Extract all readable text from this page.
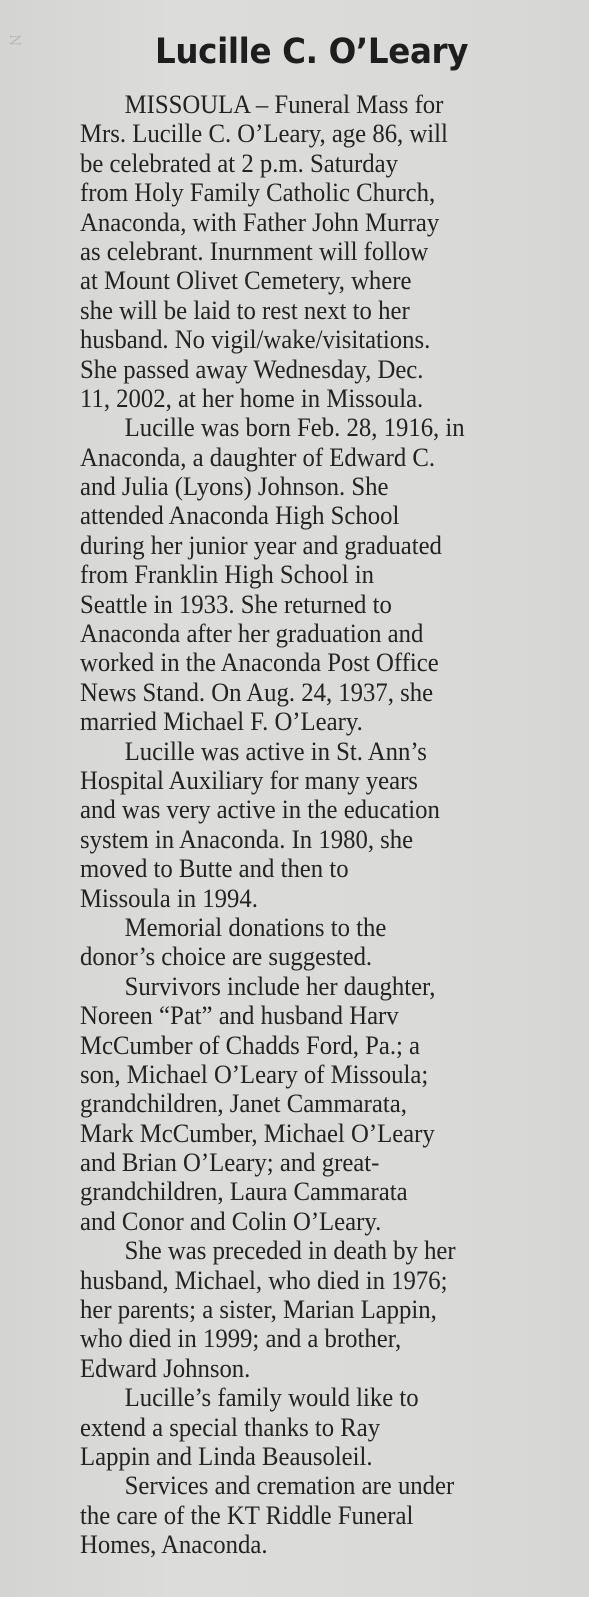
N	Lucille C. O’Leary
MISSOULA – Funeral Mass for
Mrs. Lucille C. O’Leary, age 86, will
be celebrated at 2 p.m. Saturday
from Holy Family Catholic Church,
Anaconda, with Father John Murray
as celebrant. Inurnment will follow
at Mount Olivet Cemetery, where
she will be laid to rest next to her
husband. No vigil/wake/visitations.
She passed away Wednesday, Dec.
11, 2002, at her home in Missoula.
Lucille was born Feb. 28, 1916, in
Anaconda, a daughter of Edward C.
and Julia (Lyons) Johnson. She
attended Anaconda High School
during her junior year and graduated
from Franklin High School in
Seattle in 1933. She returned to
Anaconda after her graduation and
worked in the Anaconda Post Office
News Stand. On Aug. 24, 1937, she
married Michael F. O’Leary.
Lucille was active in St. Ann’s
Hospital Auxiliary for many years
and was very active in the education
system in Anaconda. In 1980, she
moved to Butte and then to
Missoula in 1994.
Memorial donations to the
donor’s choice are suggested.
Survivors include her daughter,
Noreen “Pat” and husband Harv
McCumber of Chadds Ford, Pa.; a
son, Michael O’Leary of Missoula;
grandchildren, Janet Cammarata,
Mark McCumber, Michael O’Leary
and Brian O’Leary; and great-
grandchildren, Laura Cammarata
and Conor and Colin O’Leary.
She was preceded in death by her
husband, Michael, who died in 1976;
her parents; a sister, Marian Lappin,
who died in 1999; and a brother,
Edward Johnson.
Lucille’s family would like to
extend a special thanks to Ray
Lappin and Linda Beausoleil.
Services and cremation are under
the care of the KT Riddle Funeral
Homes, Anaconda.
